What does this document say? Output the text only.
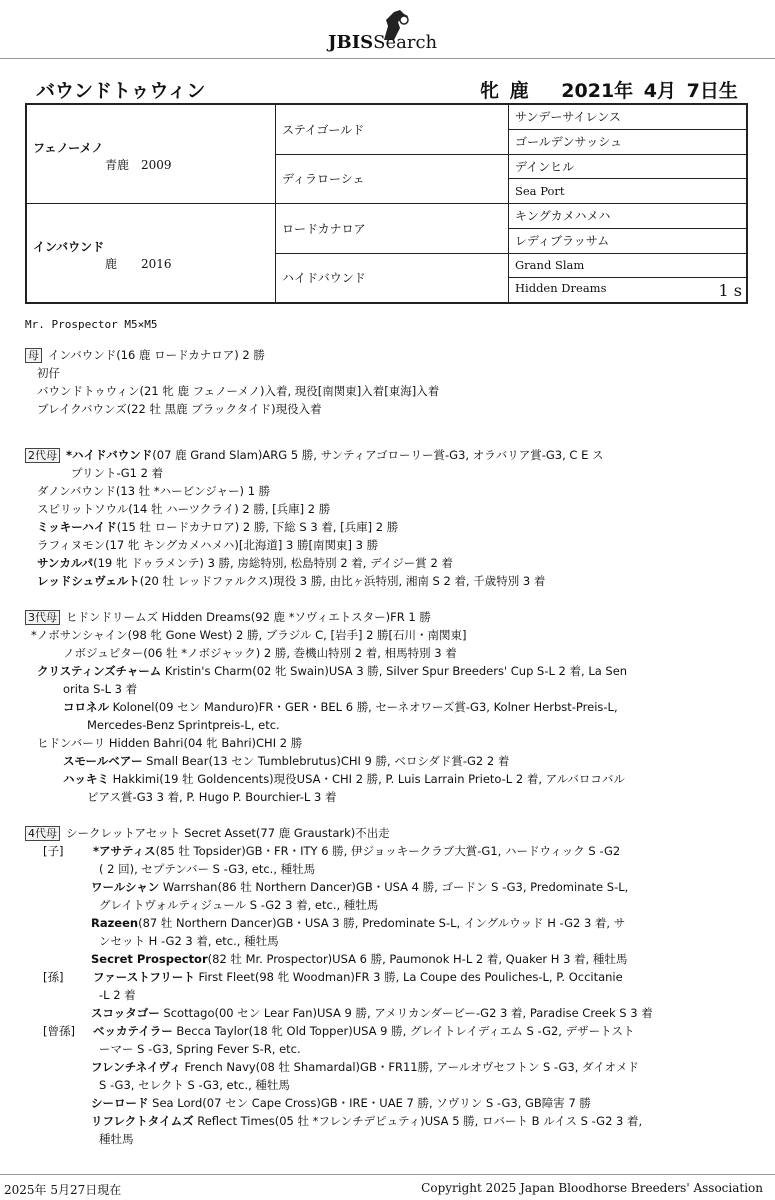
JBISSearch
バウンドトゥウィン	牝 鹿 2021年 4月 7日生
フェノーメノ
青鹿　2009	ステイゴールド	サンデーサイレンス
		ゴールデンサッシュ
	ディラローシェ	デインヒル
		Sea Port

インバウンド
鹿　　2016	ロードカナロア	キングカメハメハ
		レディブラッサム
	ハイドバウンド	Grand Slam
		Hidden Dreams 1 s
Mr. Prospector M5×M5
母 インバウンド(16 鹿 ロードカナロア) 2 勝
初仔
バウンドトゥウィン(21 牝 鹿 フェノーメノ)入着, 現役[南関東]入着[東海]入着
ブレイクバウンズ(22 牡 黒鹿 ブラックタイド)現役入着
2代母 *ハイドバウンド(07 鹿 Grand Slam)ARG 5 勝, サンティアゴローリー賞-G3, オラバリア賞-G3, C E ス
プリント-G1 2 着
ダノンバウンド(13 牡 *ハービンジャー) 1 勝
スピリットソウル(14 牡 ハーツクライ) 2 勝, [兵庫] 2 勝
ミッキーハイド(15 牡 ロードカナロア) 2 勝, 下総 S 3 着, [兵庫] 2 勝
ラフィヌモン(17 牝 キングカメハメハ)[北海道] 3 勝[南関東] 3 勝
サンカルパ(19 牝 ドゥラメンテ) 3 勝, 房総特別, 松島特別 2 着, デイジー賞 2 着
レッドシュヴェルト(20 牡 レッドファルクス)現役 3 勝, 由比ヶ浜特別, 湘南 S 2 着, 千歳特別 3 着
3代母 ヒドンドリームズ Hidden Dreams(92 鹿 *ソヴィエトスター)FR 1 勝
*ノボサンシャイン(98 牝 Gone West) 2 勝, ブラジル C, [岩手] 2 勝[石川・南関東]
ノボジュピター(06 牡 *ノボジャック) 2 勝, 巻機山特別 2 着, 相馬特別 3 着
クリスティンズチャーム Kristin's Charm(02 牝 Swain)USA 3 勝, Silver Spur Breeders' Cup S-L 2 着, La Sen
orita S-L 3 着
コロネル Kolonel(09 セン Manduro)FR・GER・BEL 6 勝, セーネオワーズ賞-G3, Kolner Herbst-Preis-L,
Mercedes-Benz Sprintpreis-L, etc.
ヒドンバーリ Hidden Bahri(04 牝 Bahri)CHI 2 勝
スモールベアー Small Bear(13 セン Tumblebrutus)CHI 9 勝, ベロシダド賞-G2 2 着
ハッキミ Hakkimi(19 牡 Goldencents)現役USA・CHI 2 勝, P. Luis Larrain Prieto-L 2 着, アルバロコバル
ビアス賞-G3 3 着, P. Hugo P. Bourchier-L 3 着
4代母 シークレットアセット Secret Asset(77 鹿 Graustark)不出走
[子]	*アサティス(85 牡 Topsider)GB・FR・ITY 6 勝, 伊ジョッキークラブ大賞-G1, ハードウィック S -G2
( 2 回), セプテンバー S -G3, etc., 種牡馬
ワールシャン Warrshan(86 牡 Northern Dancer)GB・USA 4 勝, ゴードン S -G3, Predominate S-L,
グレイトヴォルティジュール S -G2 3 着, etc., 種牡馬
Razeen(87 牡 Northern Dancer)GB・USA 3 勝, Predominate S-L, イングルウッド H -G2 3 着, サ
ンセット H -G2 3 着, etc., 種牡馬
Secret Prospector(82 牡 Mr. Prospector)USA 6 勝, Paumonok H-L 2 着, Quaker H 3 着, 種牡馬
[孫]	ファーストフリート First Fleet(98 牝 Woodman)FR 3 勝, La Coupe des Pouliches-L, P. Occitanie
-L 2 着
スコッタゴー Scottago(00 セン Lear Fan)USA 9 勝, アメリカンダービー-G2 3 着, Paradise Creek S 3 着
[曾孫] ベッカテイラー Becca Taylor(18 牝 Old Topper)USA 9 勝, グレイトレイディエム S -G2, デザートスト
ーマー S -G3, Spring Fever S-R, etc.
フレンチネイヴィ French Navy(08 牡 Shamardal)GB・FR11勝, アールオヴセフトン S -G3, ダイオメド
S -G3, セレクト S -G3, etc., 種牡馬
シーロード Sea Lord(07 セン Cape Cross)GB・IRE・UAE 7 勝, ソヴリン S -G3, GB障害 7 勝
リフレクトタイムズ Reflect Times(05 牡 *フレンチデピュティ)USA 5 勝, ロバート B ルイス S -G2 3 着,
種牡馬
2025年 5月27日現在	Copyright 2025 Japan Bloodhorse Breeders' Association
